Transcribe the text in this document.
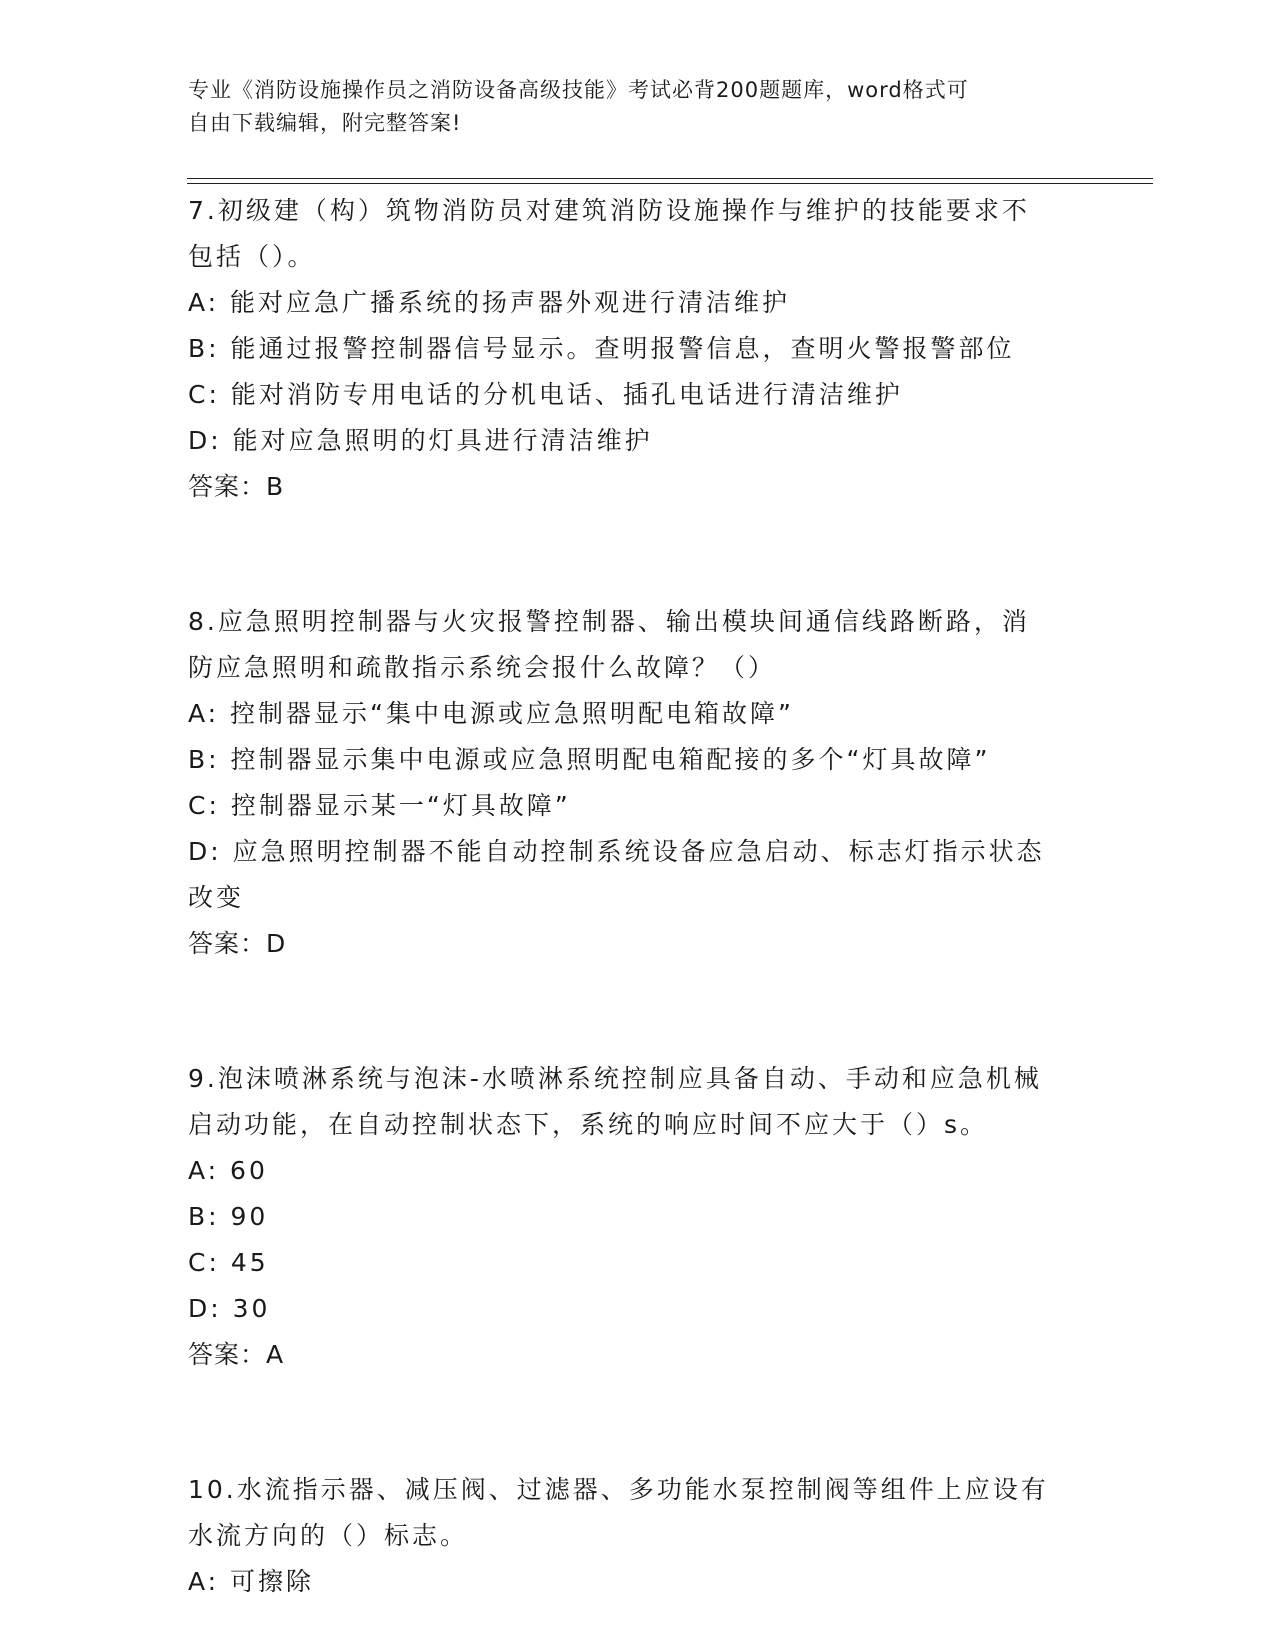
专业《消防设施操作员之消防设备高级技能》考试必背200题题库，word格式可
自由下载编辑，附完整答案!
7.初级建（构）筑物消防员对建筑消防设施操作与维护的技能要求不
包括（）。
A: 能对应急广播系统的扬声器外观进行清洁维护
B: 能通过报警控制器信号显示。查明报警信息，查明火警报警部位
C: 能对消防专用电话的分机电话、插孔电话进行清洁维护
D: 能对应急照明的灯具进行清洁维护
答案：B
8.应急照明控制器与火灾报警控制器、输出模块间通信线路断路，消
防应急照明和疏散指示系统会报什么故障？（）
A: 控制器显示“集中电源或应急照明配电箱故障”
B: 控制器显示集中电源或应急照明配电箱配接的多个“灯具故障”
C: 控制器显示某一“灯具故障”
D: 应急照明控制器不能自动控制系统设备应急启动、标志灯指示状态
改变
答案：D
9.泡沫喷淋系统与泡沫-水喷淋系统控制应具备自动、手动和应急机械
启动功能，在自动控制状态下，系统的响应时间不应大于（）s。
A: 60
B: 90
C: 45
D: 30
答案：A
10.水流指示器、减压阀、过滤器、多功能水泵控制阀等组件上应设有
水流方向的（）标志。
A: 可擦除
